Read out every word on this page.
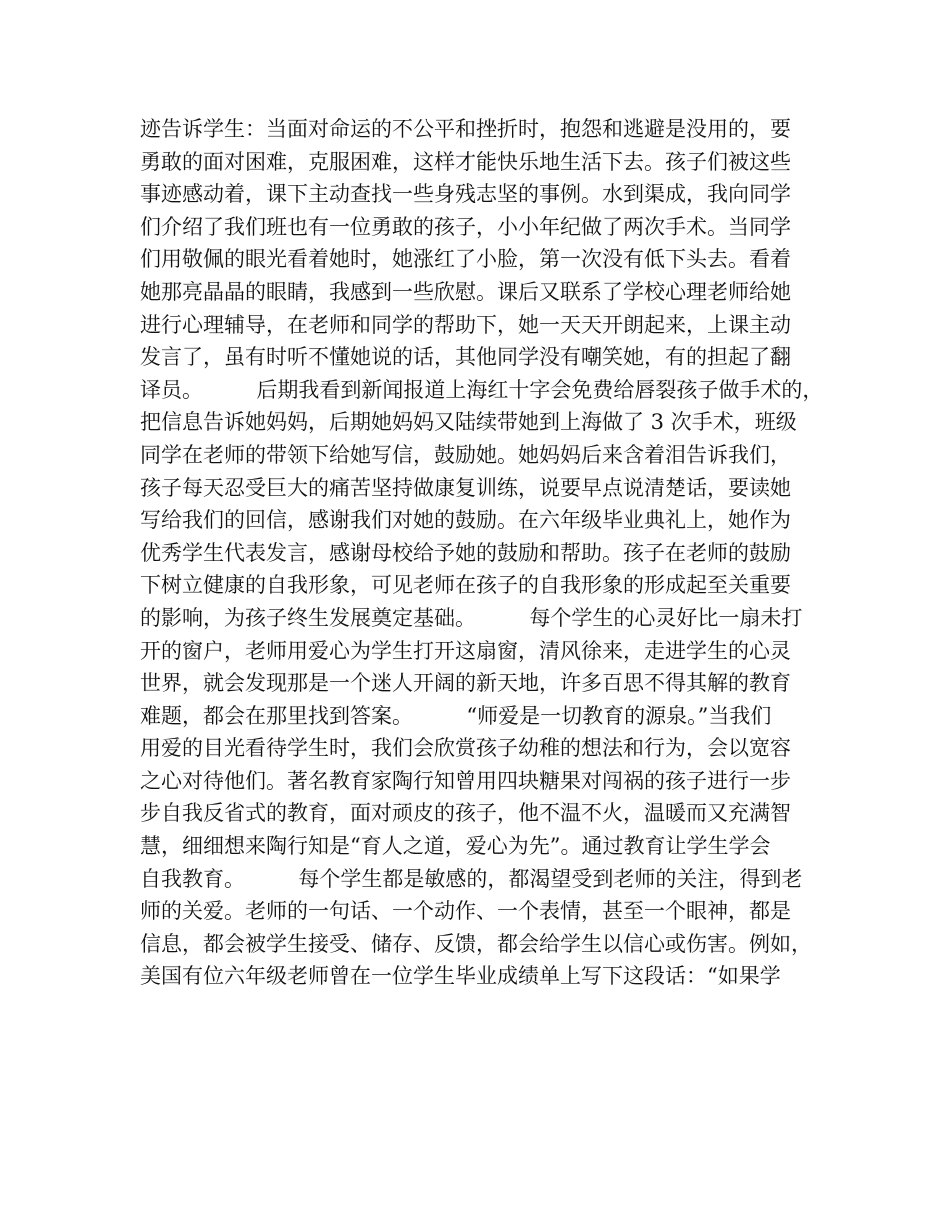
迹告诉学生：当面对命运的不公平和挫折时，抱怨和逃避是没用的，要
勇敢的面对困难，克服困难，这样才能快乐地生活下去。孩子们被这些
事迹感动着，课下主动查找一些身残志坚的事例。水到渠成，我向同学
们介绍了我们班也有一位勇敢的孩子，小小年纪做了两次手术。当同学
们用敬佩的眼光看着她时，她涨红了小脸，第一次没有低下头去。看着
她那亮晶晶的眼睛，我感到一些欣慰。课后又联系了学校心理老师给她
进行心理辅导，在老师和同学的帮助下，她一天天开朗起来，上课主动
发言了，虽有时听不懂她说的话，其他同学没有嘲笑她，有的担起了翻
译员。        后期我看到新闻报道上海红十字会免费给唇裂孩子做手术的，
把信息告诉她妈妈，后期她妈妈又陆续带她到上海做了 3 次手术，班级
同学在老师的带领下给她写信，鼓励她。她妈妈后来含着泪告诉我们，
孩子每天忍受巨大的痛苦坚持做康复训练，说要早点说清楚话，要读她
写给我们的回信，感谢我们对她的鼓励。在六年级毕业典礼上，她作为
优秀学生代表发言，感谢母校给予她的鼓励和帮助。孩子在老师的鼓励
下树立健康的自我形象，可见老师在孩子的自我形象的形成起至关重要
的影响，为孩子终生发展奠定基础。        每个学生的心灵好比一扇未打
开的窗户，老师用爱心为学生打开这扇窗，清风徐来，走进学生的心灵
世界，就会发现那是一个迷人开阔的新天地，许多百思不得其解的教育
难题，都会在那里找到答案。        “师爱是一切教育的源泉。”当我们
用爱的目光看待学生时，我们会欣赏孩子幼稚的想法和行为，会以宽容
之心对待他们。著名教育家陶行知曾用四块糖果对闯祸的孩子进行一步
步自我反省式的教育，面对顽皮的孩子，他不温不火，温暖而又充满智
慧，细细想来陶行知是“育人之道，爱心为先”。通过教育让学生学会
自我教育。        每个学生都是敏感的，都渴望受到老师的关注，得到老
师的关爱。老师的一句话、一个动作、一个表情，甚至一个眼神，都是
信息，都会被学生接受、储存、反馈，都会给学生以信心或伤害。例如，
美国有位六年级老师曾在一位学生毕业成绩单上写下这段话：“如果学
